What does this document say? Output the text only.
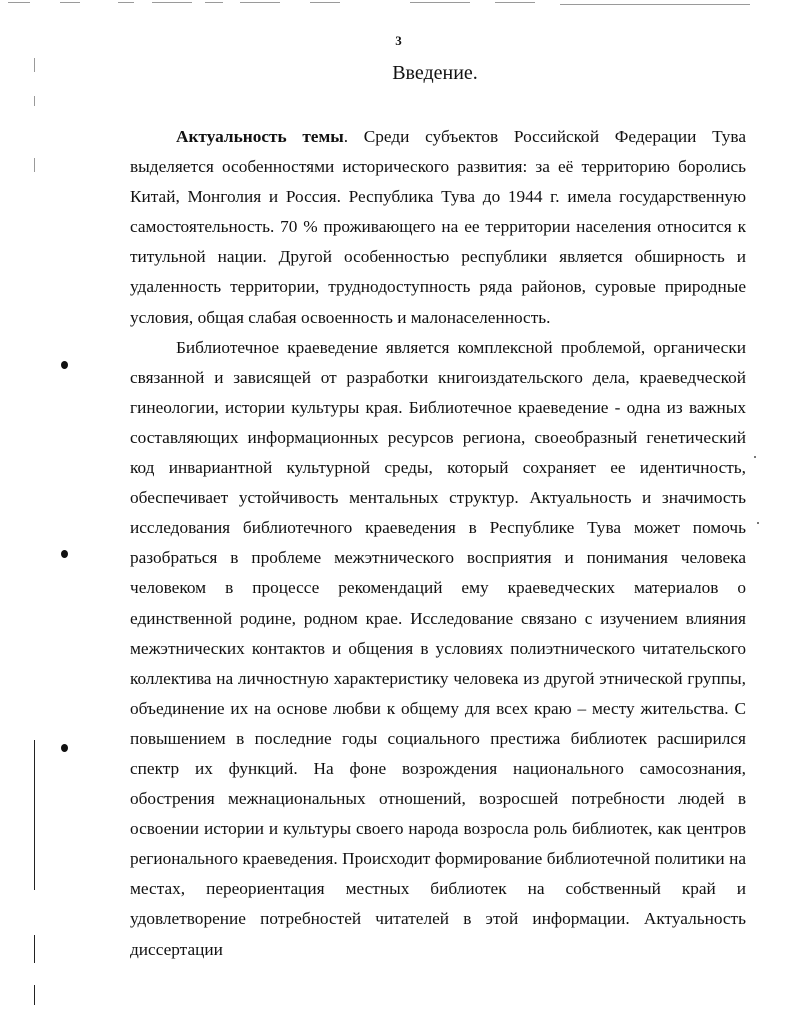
3
Введение.

Актуальность темы. Среди субъектов Российской Федерации Тува выделяется особенностями исторического развития: за её территорию боролись Китай, Монголия и Россия. Республика Тува до 1944 г. имела государственную самостоятельность. 70 % проживающего на ее территории населения относится к титульной нации. Другой особенностью республики является обширность и удаленность территории, труднодоступность ряда районов, суровые природные условия, общая слабая освоенность и малонаселенность.

Библиотечное краеведение является комплексной проблемой, органически связанной и зависящей от разработки книгоиздательского дела, краеведческой гинеологии, истории культуры края. Библиотечное краеведение - одна из важных составляющих информационных ресурсов региона, своеобразный генетический код инвариантной культурной среды, который сохраняет ее идентичность, обеспечивает устойчивость ментальных структур. Актуальность и значимость исследования библиотечного краеведения в Республике Тува может помочь разобраться в проблеме межэтнического восприятия и понимания человека человеком в процессе рекомендаций ему краеведческих материалов о единственной родине, родном крае. Исследование связано с изучением влияния межэтнических контактов и общения в условиях полиэтнического читательского коллектива на личностную характеристику человека из другой этнической группы, объединение их на основе любви к общему для всех краю – месту жительства. С повышением в последние годы социального престижа библиотек расширился спектр их функций. На фоне возрождения национального самосознания, обострения межнациональных отношений, возросшей потребности людей в освоении истории и культуры своего народа возросла роль библиотек, как центров регионального краеведения. Происходит формирование библиотечной политики на местах, переориентация местных библиотек на собственный край и удовлетворение потребностей читателей в этой информации. Актуальность диссертации
